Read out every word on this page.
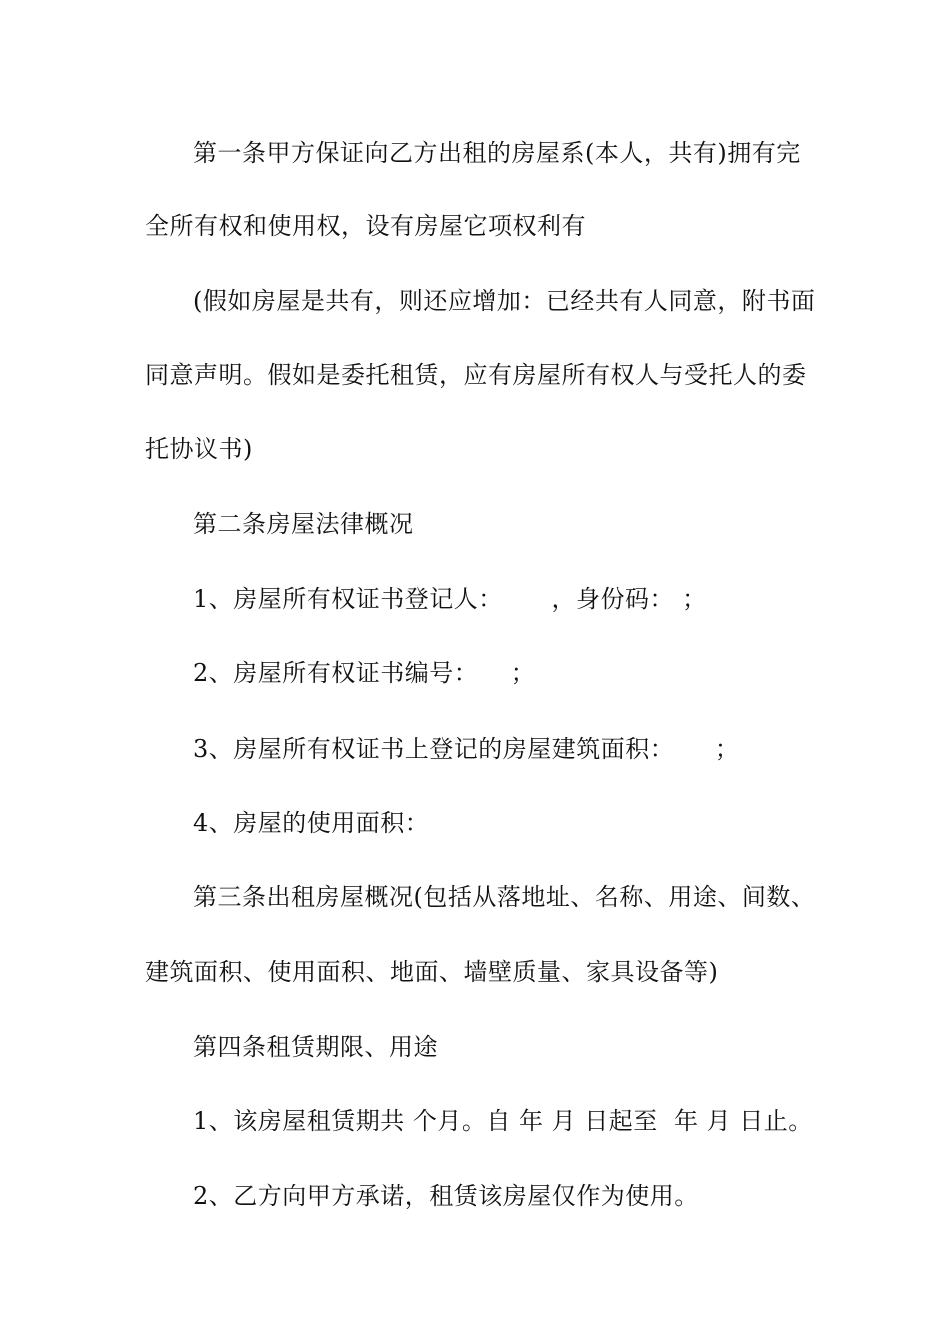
第一条甲方保证向乙方出租的房屋系(本人，共有)拥有完

全所有权和使用权，设有房屋它项权利有

(假如房屋是共有，则还应增加：已经共有人同意，附书面

同意声明。假如是委托租赁，应有房屋所有权人与受托人的委

托协议书)

第二条房屋法律概况

1、房屋所有权证书登记人：      ，身份码： ；

2、房屋所有权证书编号：    ；

3、房屋所有权证书上登记的房屋建筑面积：     ；

4、房屋的使用面积：

第三条出租房屋概况(包括从落地址、名称、用途、间数、

建筑面积、使用面积、地面、墙壁质量、家具设备等)

第四条租赁期限、用途

1、该房屋租赁期共 个月。自 年 月 日起至  年 月 日止。

2、乙方向甲方承诺，租赁该房屋仅作为使用。
